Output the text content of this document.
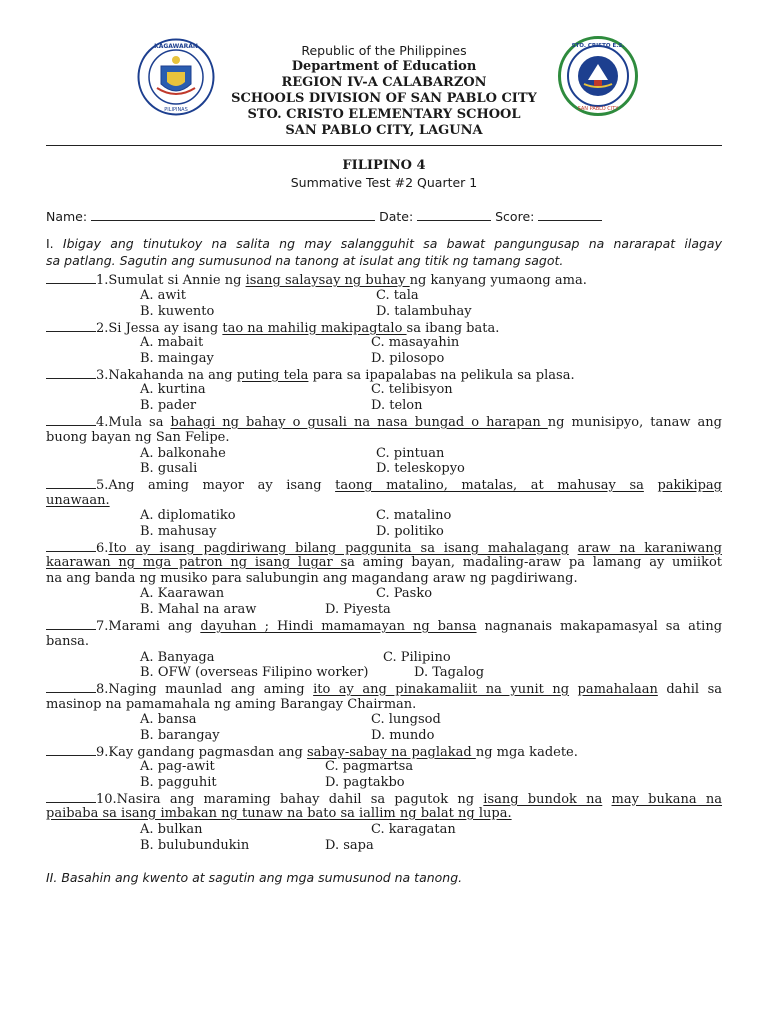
KAGAWARAN
PILIPINAS
STO. CRISTO E.S.
SAN PABLO CITY
Republic of the Philippines
Department of Education
REGION IV-A CALABARZON
SCHOOLS DIVISION OF SAN PABLO CITY
STO. CRISTO ELEMENTARY SCHOOL
SAN PABLO CITY, LAGUNA
FILIPINO 4
Summative Test #2 Quarter 1
Name:	Date:	Score:
I. Ibigay ang tinutukoy na salita ng may salangguhit sa bawat pangungusap na nararapat ilagay
sa patlang. Sagutin ang sumusunod na tanong at isulat ang titik ng tamang sagot.
1.Sumulat si Annie ng isang salaysay ng buhay ng kanyang yumaong ama.
A. awit	C. tala
B. kuwento	D. talambuhay
2.Si Jessa ay isang tao na mahilig makipagtalo sa ibang bata.
A. mabait	C. masayahin
B. maingay	D. pilosopo
3.Nakahanda na ang puting tela para sa ipapalabas na pelikula sa plasa.
A. kurtina	C. telibisyon
B. pader	D. telon
4.Mula sa bahagi ng bahay o gusali na nasa bungad o harapan ng munisipyo, tanaw ang
buong bayan ng San Felipe.
A. balkonahe	C. pintuan
B. gusali	D. teleskopyo
5.Ang aming mayor ay isang taong matalino, matalas, at mahusay sa pakikipag
unawaan.
A. diplomatiko	C. matalino
B. mahusay	D. politiko
6.Ito ay isang pagdiriwang bilang paggunita sa isang mahalagang araw na karaniwang
kaarawan ng mga patron ng isang lugar sa aming bayan, madaling-araw pa lamang ay umiikot
na ang banda ng musiko para salubungin ang magandang araw ng pagdiriwang.
A. Kaarawan	C. Pasko
B. Mahal na araw	D. Piyesta
7.Marami ang dayuhan ; Hindi mamamayan ng bansa nagnanais makapamasyal sa ating
bansa.
A. Banyaga	C. Pilipino
B. OFW (overseas Filipino worker)	D. Tagalog
8.Naging maunlad ang aming ito ay ang pinakamaliit na yunit ng pamahalaan dahil sa
masinop na pamamahala ng aming Barangay Chairman.
A. bansa	C. lungsod
B. barangay	D. mundo
9.Kay gandang pagmasdan ang sabay-sabay na paglakad ng mga kadete.
A. pag-awit	C. pagmartsa
B. pagguhit	D. pagtakbo
10.Nasira ang maraming bahay dahil sa pagutok ng isang bundok na may bukana na
paibaba sa isang imbakan ng tunaw na bato sa iallim ng balat ng lupa.
A. bulkan	C. karagatan
B. bulubundukin	D. sapa
II. Basahin ang kwento at sagutin ang mga sumusunod na tanong.
